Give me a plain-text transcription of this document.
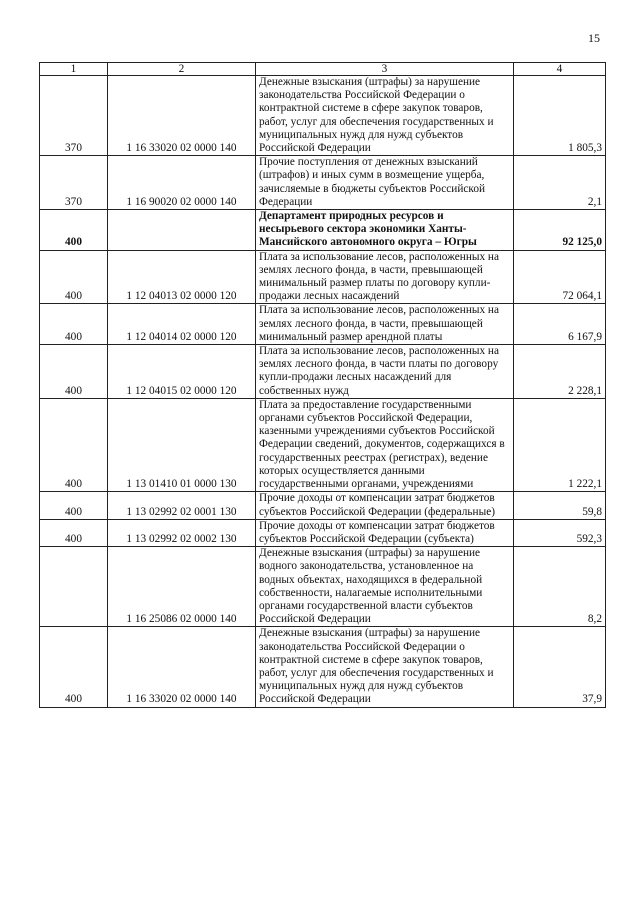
15
1	2	3	4
370	1 16 33020 02 0000 140	Денежные взыскания (штрафы) за нарушение законодательства Российской Федерации о контрактной системе в сфере закупок товаров, работ, услуг для обеспечения государственных и муниципальных нужд для нужд субъектов Российской Федерации	1 805,3
370	1 16 90020 02 0000 140	Прочие поступления от денежных взысканий (штрафов) и иных сумм в возмещение ущерба, зачисляемые в бюджеты субъектов Российской Федерации	2,1
400		Департамент природных ресурсов и несырьевого сектора экономики Ханты-Мансийского автономного округа – Югры	92 125,0
400	1 12 04013 02 0000 120	Плата за использование лесов, расположенных на землях лесного фонда, в части, превышающей минимальный размер платы по договору купли-продажи лесных насаждений	72 064,1
400	1 12 04014 02 0000 120	Плата за использование лесов, расположенных на землях лесного фонда, в части, превышающей минимальный размер арендной платы	6 167,9
400	1 12 04015 02 0000 120	Плата за использование лесов, расположенных на землях лесного фонда, в части платы по договору купли-продажи лесных насаждений для собственных нужд	2 228,1
400	1 13 01410 01 0000 130	Плата за предоставление государственными органами субъектов Российской Федерации, казенными учреждениями субъектов Российской Федерации сведений, документов, содержащихся в государственных реестрах (регистрах), ведение которых осуществляется данными государственными органами, учреждениями	1 222,1
400	1 13 02992 02 0001 130	Прочие доходы от компенсации затрат бюджетов субъектов Российской Федерации (федеральные)	59,8
400	1 13 02992 02 0002 130	Прочие доходы от компенсации затрат бюджетов субъектов Российской Федерации (субъекта)	592,3
	1 16 25086 02 0000 140	Денежные взыскания (штрафы) за нарушение водного законодательства, установленное на водных объектах, находящихся в федеральной собственности, налагаемые исполнительными органами государственной власти субъектов Российской Федерации	8,2
400	1 16 33020 02 0000 140	Денежные взыскания (штрафы) за нарушение законодательства Российской Федерации о контрактной системе в сфере закупок товаров, работ, услуг для обеспечения государственных и муниципальных нужд для нужд субъектов Российской Федерации	37,9
